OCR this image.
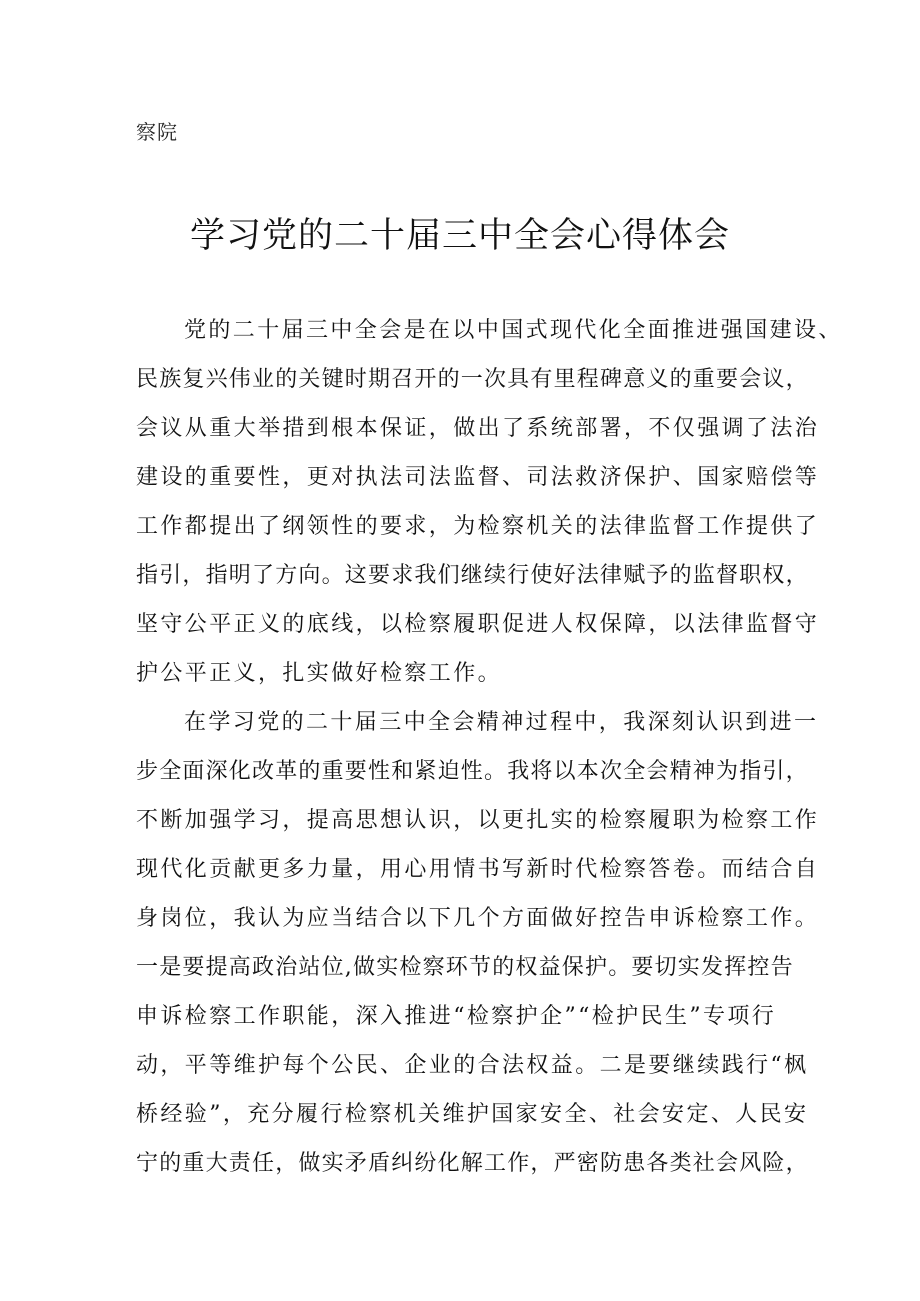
察院
学习党的二十届三中全会心得体会
党的二十届三中全会是在以中国式现代化全面推进强国建设、
民族复兴伟业的关键时期召开的一次具有里程碑意义的重要会议，
会议从重大举措到根本保证，做出了系统部署，不仅强调了法治
建设的重要性，更对执法司法监督、司法救济保护、国家赔偿等
工作都提出了纲领性的要求，为检察机关的法律监督工作提供了
指引，指明了方向。这要求我们继续行使好法律赋予的监督职权，
坚守公平正义的底线，以检察履职促进人权保障，以法律监督守
护公平正义，扎实做好检察工作。
在学习党的二十届三中全会精神过程中，我深刻认识到进一
步全面深化改革的重要性和紧迫性。我将以本次全会精神为指引，
不断加强学习，提高思想认识，以更扎实的检察履职为检察工作
现代化贡献更多力量，用心用情书写新时代检察答卷。而结合自
身岗位，我认为应当结合以下几个方面做好控告申诉检察工作。
一是要提高政治站位,做实检察环节的权益保护。要切实发挥控告
申诉检察工作职能，深入推进“检察护企”“检护民生”专项行
动，平等维护每个公民、企业的合法权益。二是要继续践行“枫
桥经验”，充分履行检察机关维护国家安全、社会安定、人民安
宁的重大责任，做实矛盾纠纷化解工作，严密防患各类社会风险，
